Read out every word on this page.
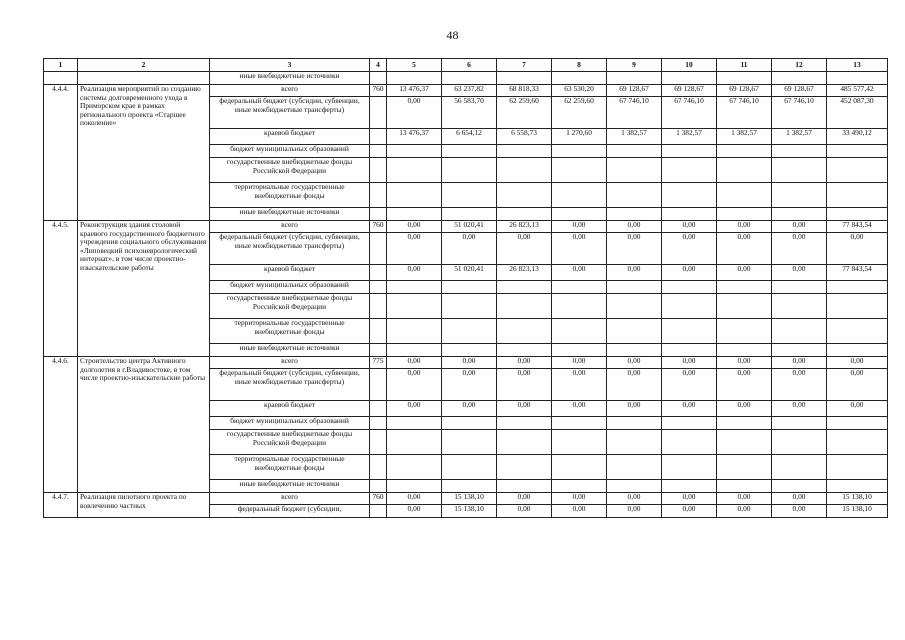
48
1	2	3	4	5	6	7	8	9	10	11	12	13
		иные внебюджетные источники										
4.4.4.	Реализация мероприятий по созданию системы долговременного ухода в Приморском крае в рамках регионального проекта «Старшее поколение»	всего	760	13 476,37	63 237,82	68 818,33	63 530,20	69 128,67	69 128,67	69 128,67	69 128,67	485 577,42
		федеральный бюджет (субсидии, субвенции, иные межбюджетные трансферты)		0,00	56 583,70	62 259,60	62 259,60	67 746,10	67 746,10	67 746,10	67 746,10	452 087,30
		краевой бюджет		13 476,37	6 654,12	6 558,73	1 270,60	1 382,57	1 382,57	1 382,57	1 382,57	33 490,12
		бюджет муниципальных образований										
		государственные внебюджетные фонды Российской Федерации										
		территориальные государственные внебюджетные фонды										
		иные внебюджетные источники										
4.4.5.	Реконструкция здания столовой краевого государственного бюджетного учреждения социального обслуживания «Липовецкий психоневрологический интернат», в том числе проектно-изыскательские работы	всего	760	0,00	51 020,41	26 823,13	0,00	0,00	0,00	0,00	0,00	77 843,54
		федеральный бюджет (субсидии, субвенции, иные межбюджетные трансферты)		0,00	0,00	0,00	0,00	0,00	0,00	0,00	0,00	0,00
		краевой бюджет		0,00	51 020,41	26 823,13	0,00	0,00	0,00	0,00	0,00	77 843,54
		бюджет муниципальных образований										
		государственные внебюджетные фонды Российской Федерации										
		территориальные государственные внебюджетные фонды										
		иные внебюджетные источники										
4.4.6.	Строительство центра Активного долголетия в г.Владивостоке, в том числе проектно-изыскательские работы	всего	775	0,00	0,00	0,00	0,00	0,00	0,00	0,00	0,00	0,00
		федеральный бюджет (субсидии, субвенции, иные межбюджетные трансферты)		0,00	0,00	0,00	0,00	0,00	0,00	0,00	0,00	0,00
		краевой бюджет		0,00	0,00	0,00	0,00	0,00	0,00	0,00	0,00	0,00
		бюджет муниципальных образований										
		государственные внебюджетные фонды Российской Федерации										
		территориальные государственные внебюджетные фонды										
		иные внебюджетные источники										
4.4.7.	Реализация пилотного проекта по вовлечению частных	всего	760	0,00	15 138,10	0,00	0,00	0,00	0,00	0,00	0,00	15 138,10
		федеральный бюджет (субсидии,		0,00	15 138,10	0,00	0,00	0,00	0,00	0,00	0,00	15 138,10
